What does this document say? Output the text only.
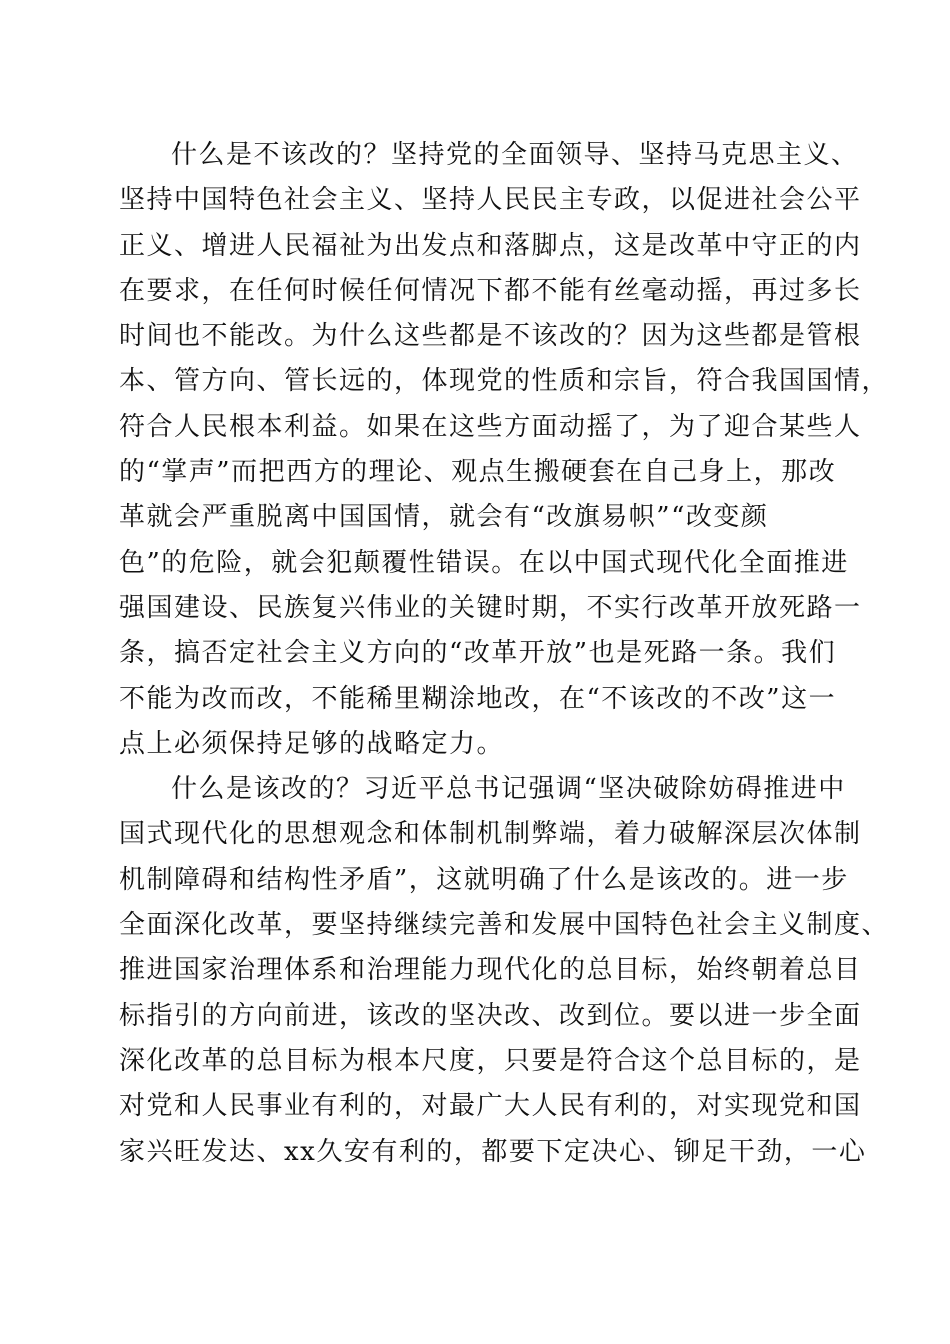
什么是不该改的？坚持党的全面领导、坚持马克思主义、
坚持中国特色社会主义、坚持人民民主专政，以促进社会公平
正义、增进人民福祉为出发点和落脚点，这是改革中守正的内
在要求，在任何时候任何情况下都不能有丝毫动摇，再过多长
时间也不能改。为什么这些都是不该改的？因为这些都是管根
本、管方向、管长远的，体现党的性质和宗旨，符合我国国情，
符合人民根本利益。如果在这些方面动摇了，为了迎合某些人
的“掌声”而把西方的理论、观点生搬硬套在自己身上，那改
革就会严重脱离中国国情，就会有“改旗易帜”“改变颜
色”的危险，就会犯颠覆性错误。在以中国式现代化全面推进
强国建设、民族复兴伟业的关键时期，不实行改革开放死路一
条，搞否定社会主义方向的“改革开放”也是死路一条。我们
不能为改而改，不能稀里糊涂地改，在“不该改的不改”这一
点上必须保持足够的战略定力。
什么是该改的？习近平总书记强调“坚决破除妨碍推进中
国式现代化的思想观念和体制机制弊端，着力破解深层次体制
机制障碍和结构性矛盾”，这就明确了什么是该改的。进一步
全面深化改革，要坚持继续完善和发展中国特色社会主义制度、
推进国家治理体系和治理能力现代化的总目标，始终朝着总目
标指引的方向前进，该改的坚决改、改到位。要以进一步全面
深化改革的总目标为根本尺度，只要是符合这个总目标的，是
对党和人民事业有利的，对最广大人民有利的，对实现党和国
家兴旺发达、xx久安有利的，都要下定决心、铆足干劲，一心
